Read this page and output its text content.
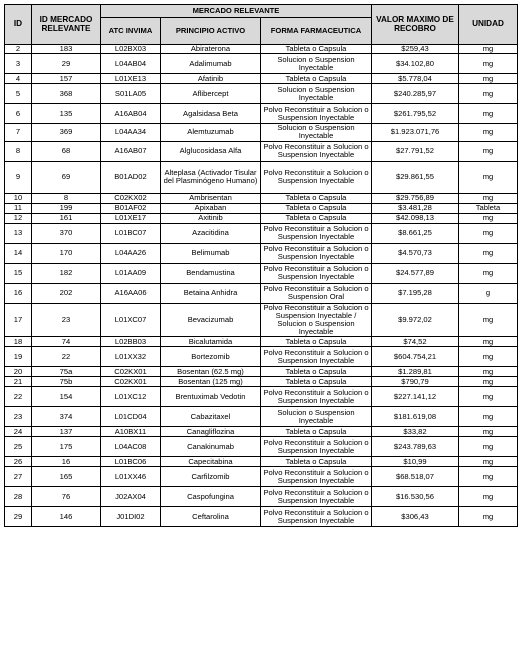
ID	ID MERCADO RELEVANTE	MERCADO RELEVANTE			VALOR MAXIMO DE RECOBRO	UNIDAD
		ATC INVIMA	PRINCIPIO ACTIVO	FORMA FARMACEUTICA		
2	183	L02BX03	Abiraterona	Tableta o Capsula	$259,43	mg
3	29	L04AB04	Adalimumab	Solucion o Suspension Inyectable	$34.102,80	mg
4	157	L01XE13	Afatinib	Tableta o Capsula	$5.778,04	mg
5	368	S01LA05	Aflibercept	Solucion o Suspension Inyectable	$240.285,97	mg
6	135	A16AB04	Agalsidasa Beta	Polvo Reconstituir a Solucion o Suspension Inyectable	$261.795,52	mg
7	369	L04AA34	Alemtuzumab	Solucion o Suspension Inyectable	$1.923.071,76	mg
8	68	A16AB07	Alglucosidasa Alfa	Polvo Reconstituir a Solucion o Suspension Inyectable	$27.791,52	mg
9	69	B01AD02	Alteplasa (Activador Tisular del Plasminógeno Humano)	Polvo Reconstituir a Solucion o Suspension Inyectable	$29.861,55	mg
10	8	C02KX02	Ambrisentan	Tableta o Capsula	$29.756,89	mg
11	199	B01AF02	Apixaban	Tableta o Capsula	$3.481,28	Tableta
12	161	L01XE17	Axitinib	Tableta o Capsula	$42.098,13	mg
13	370	L01BC07	Azacitidina	Polvo Reconstituir a Solucion o Suspension Inyectable	$8.661,25	mg
14	170	L04AA26	Belimumab	Polvo Reconstituir a Solucion o Suspension Inyectable	$4.570,73	mg
15	182	L01AA09	Bendamustina	Polvo Reconstituir a Solucion o Suspension Inyectable	$24.577,89	mg
16	202	A16AA06	Betaina Anhidra	Polvo Reconstituir a Solucion o Suspension Oral	$7.195,28	g
17	23	L01XC07	Bevacizumab	Polvo Reconstituir a Solucion o Suspension Inyectable / Solucion o Suspension Inyectable	$9.972,02	mg
18	74	L02BB03	Bicalutamida	Tableta o Capsula	$74,52	mg
19	22	L01XX32	Bortezomib	Polvo Reconstituir a Solucion o Suspension Inyectable	$604.754,21	mg
20	75a	C02KX01	Bosentan (62.5 mg)	Tableta o Capsula	$1.289,81	mg
21	75b	C02KX01	Bosentan (125 mg)	Tableta o Capsula	$790,79	mg
22	154	L01XC12	Brentuximab Vedotin	Polvo Reconstituir a Solucion o Suspension Inyectable	$227.141,12	mg
23	374	L01CD04	Cabazitaxel	Solucion o Suspension Inyectable	$181.619,08	mg
24	137	A10BX11	Canagliflozina	Tableta o Capsula	$33,82	mg
25	175	L04AC08	Canakinumab	Polvo Reconstituir a Solucion o Suspension Inyectable	$243.789,63	mg
26	16	L01BC06	Capecitabina	Tableta o Capsula	$10,99	mg
27	165	L01XX46	Carfilzomib	Polvo Reconstituir a Solucion o Suspension Inyectable	$68.518,07	mg
28	76	J02AX04	Caspofungina	Polvo Reconstituir a Solucion o Suspension Inyectable	$16.530,56	mg
29	146	J01DI02	Ceftarolina	Polvo Reconstituir a Solucion o Suspension Inyectable	$306,43	mg
